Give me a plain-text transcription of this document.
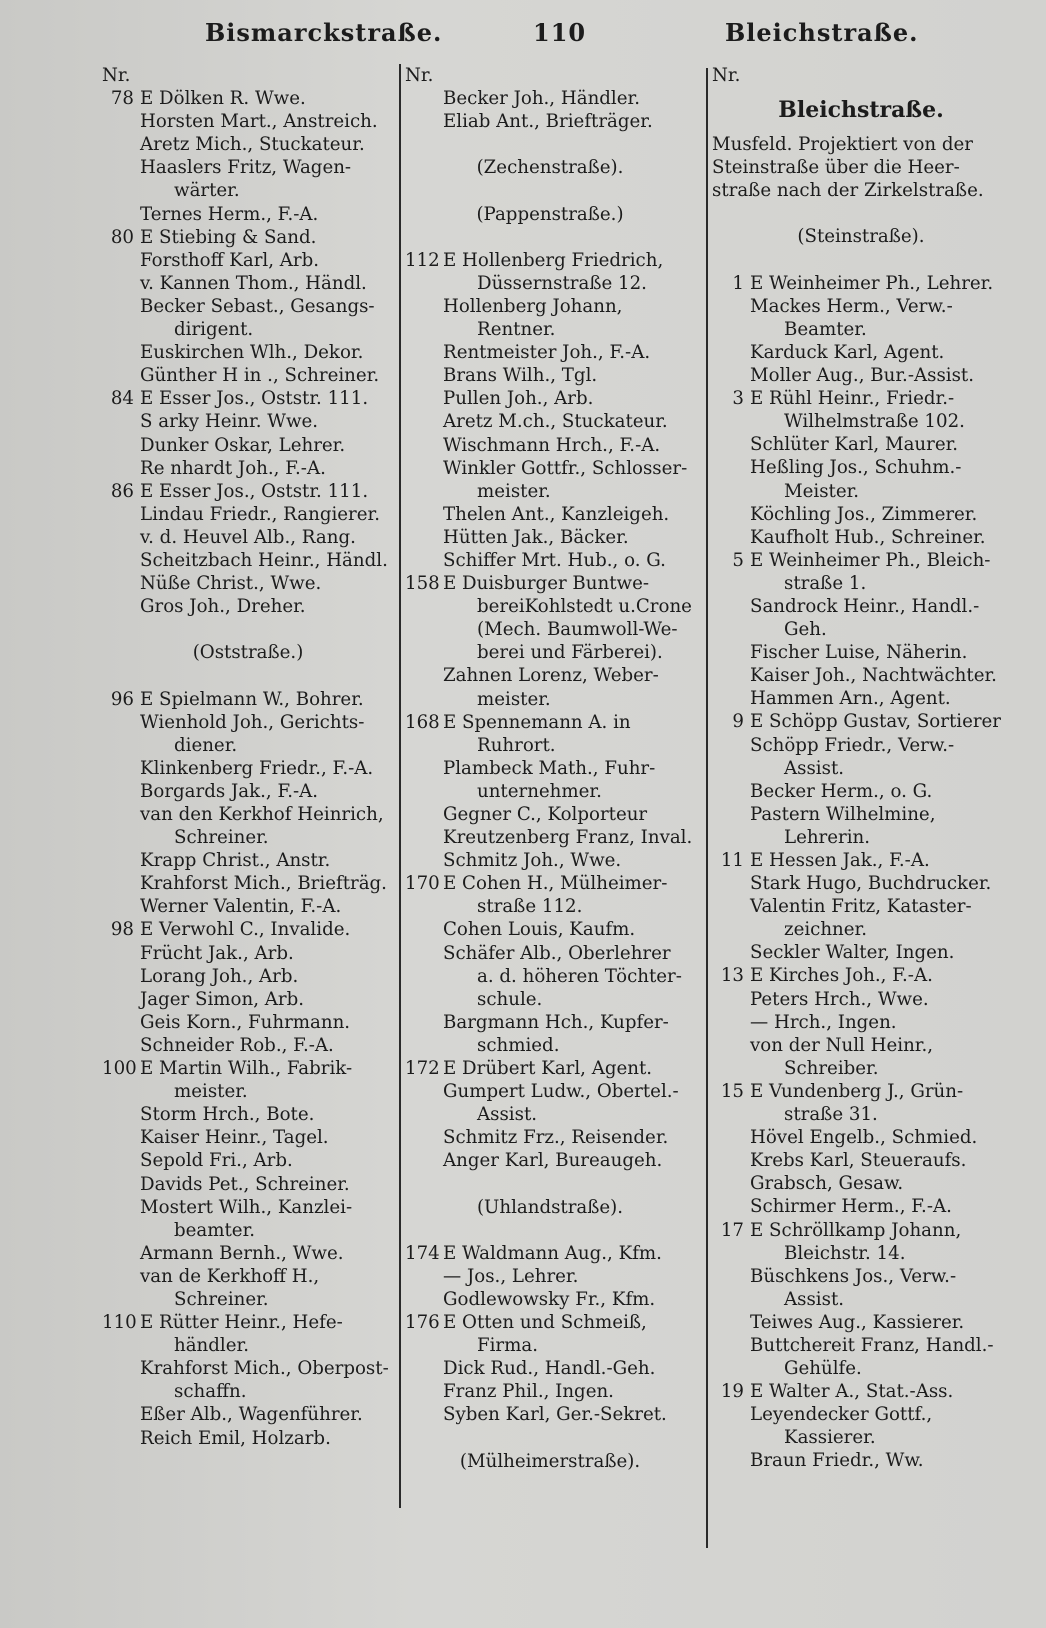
Bismarckstraße.	110	Bleichstraße.
Nr.
78 E Dölken R. Wwe.
Horsten Mart., Anstreich.
Aretz Mich., Stuckateur.
Haaslers Fritz, Wagen-
wärter.
Ternes Herm., F.-A.
80 E Stiebing & Sand.
Forsthoff Karl, Arb.
v. Kannen Thom., Händl.
Becker Sebast., Gesangs-
dirigent.
Euskirchen Wlh., Dekor.
Günther H in ., Schreiner.
84 E Esser Jos., Oststr. 111.
S arky Heinr. Wwe.
Dunker Oskar, Lehrer.
Re nhardt Joh., F.-A.
86 E Esser Jos., Oststr. 111.
Lindau Friedr., Rangierer.
v. d. Heuvel Alb., Rang.
Scheitzbach Heinr., Händl.
Nüße Christ., Wwe.
Gros Joh., Dreher.
(Oststraße.)
96 E Spielmann W., Bohrer.
Wienhold Joh., Gerichts-
diener.
Klinkenberg Friedr., F.-A.
Borgards Jak., F.-A.
van den Kerkhof Heinrich,
Schreiner.
Krapp Christ., Anstr.
Krahforst Mich., Briefträg.
Werner Valentin, F.-A.
98 E Verwohl C., Invalide.
Frücht Jak., Arb.
Lorang Joh., Arb.
Jager Simon, Arb.
Geis Korn., Fuhrmann.
Schneider Rob., F.-A.
100 E Martin Wilh., Fabrik-
meister.
Storm Hrch., Bote.
Kaiser Heinr., Tagel.
Sepold Fri., Arb.
Davids Pet., Schreiner.
Mostert Wilh., Kanzlei-
beamter.
Armann Bernh., Wwe.
van de Kerkhoff H.,
Schreiner.
110 E Rütter Heinr., Hefe-
händler.
Krahforst Mich., Oberpost-
schaffn.
Eßer Alb., Wagenführer.
Reich Emil, Holzarb.
Nr.
Becker Joh., Händler.
Eliab Ant., Briefträger.
(Zechenstraße).
(Pappenstraße.)
112 E Hollenberg Friedrich,
Düssernstraße 12.
Hollenberg Johann,
Rentner.
Rentmeister Joh., F.-A.
Brans Wilh., Tgl.
Pullen Joh., Arb.
Aretz M.ch., Stuckateur.
Wischmann Hrch., F.-A.
Winkler Gottfr., Schlosser-
meister.
Thelen Ant., Kanzleigeh.
Hütten Jak., Bäcker.
Schiffer Mrt. Hub., o. G.
158 E Duisburger Buntwe-
bereiKohlstedt u.Crone
(Mech. Baumwoll-We-
berei und Färberei).
Zahnen Lorenz, Weber-
meister.
168 E Spennemann A. in
Ruhrort.
Plambeck Math., Fuhr-
unternehmer.
Gegner C., Kolporteur
Kreutzenberg Franz, Inval.
Schmitz Joh., Wwe.
170 E Cohen H., Mülheimer-
straße 112.
Cohen Louis, Kaufm.
Schäfer Alb., Oberlehrer
a. d. höheren Töchter-
schule.
Bargmann Hch., Kupfer-
schmied.
172 E Drübert Karl, Agent.
Gumpert Ludw., Obertel.-
Assist.
Schmitz Frz., Reisender.
Anger Karl, Bureaugeh.
(Uhlandstraße).
174 E Waldmann Aug., Kfm.
— Jos., Lehrer.
Godlewowsky Fr., Kfm.
176 E Otten und Schmeiß,
Firma.
Dick Rud., Handl.-Geh.
Franz Phil., Ingen.
Syben Karl, Ger.-Sekret.
(Mülheimerstraße).
Nr.
Bleichstraße.
Musfeld. Projektiert von der
Steinstraße über die Heer-
straße nach der Zirkelstraße.
(Steinstraße).
1 E Weinheimer Ph., Lehrer.
Mackes Herm., Verw.-
Beamter.
Karduck Karl, Agent.
Moller Aug., Bur.-Assist.
3 E Rühl Heinr., Friedr.-
Wilhelmstraße 102.
Schlüter Karl, Maurer.
Heßling Jos., Schuhm.-
Meister.
Köchling Jos., Zimmerer.
Kaufholt Hub., Schreiner.
5 E Weinheimer Ph., Bleich-
straße 1.
Sandrock Heinr., Handl.-
Geh.
Fischer Luise, Näherin.
Kaiser Joh., Nachtwächter.
Hammen Arn., Agent.
9 E Schöpp Gustav, Sortierer
Schöpp Friedr., Verw.-
Assist.
Becker Herm., o. G.
Pastern Wilhelmine,
Lehrerin.
11 E Hessen Jak., F.-A.
Stark Hugo, Buchdrucker.
Valentin Fritz, Kataster-
zeichner.
Seckler Walter, Ingen.
13 E Kirches Joh., F.-A.
Peters Hrch., Wwe.
— Hrch., Ingen.
von der Null Heinr.,
Schreiber.
15 E Vundenberg J., Grün-
straße 31.
Hövel Engelb., Schmied.
Krebs Karl, Steueraufs.
Grabsch, Gesaw.
Schirmer Herm., F.-A.
17 E Schröllkamp Johann,
Bleichstr. 14.
Büschkens Jos., Verw.-
Assist.
Teiwes Aug., Kassierer.
Buttchereit Franz, Handl.-
Gehülfe.
19 E Walter A., Stat.-Ass.
Leyendecker Gottf.,
Kassierer.
Braun Friedr., Ww.
